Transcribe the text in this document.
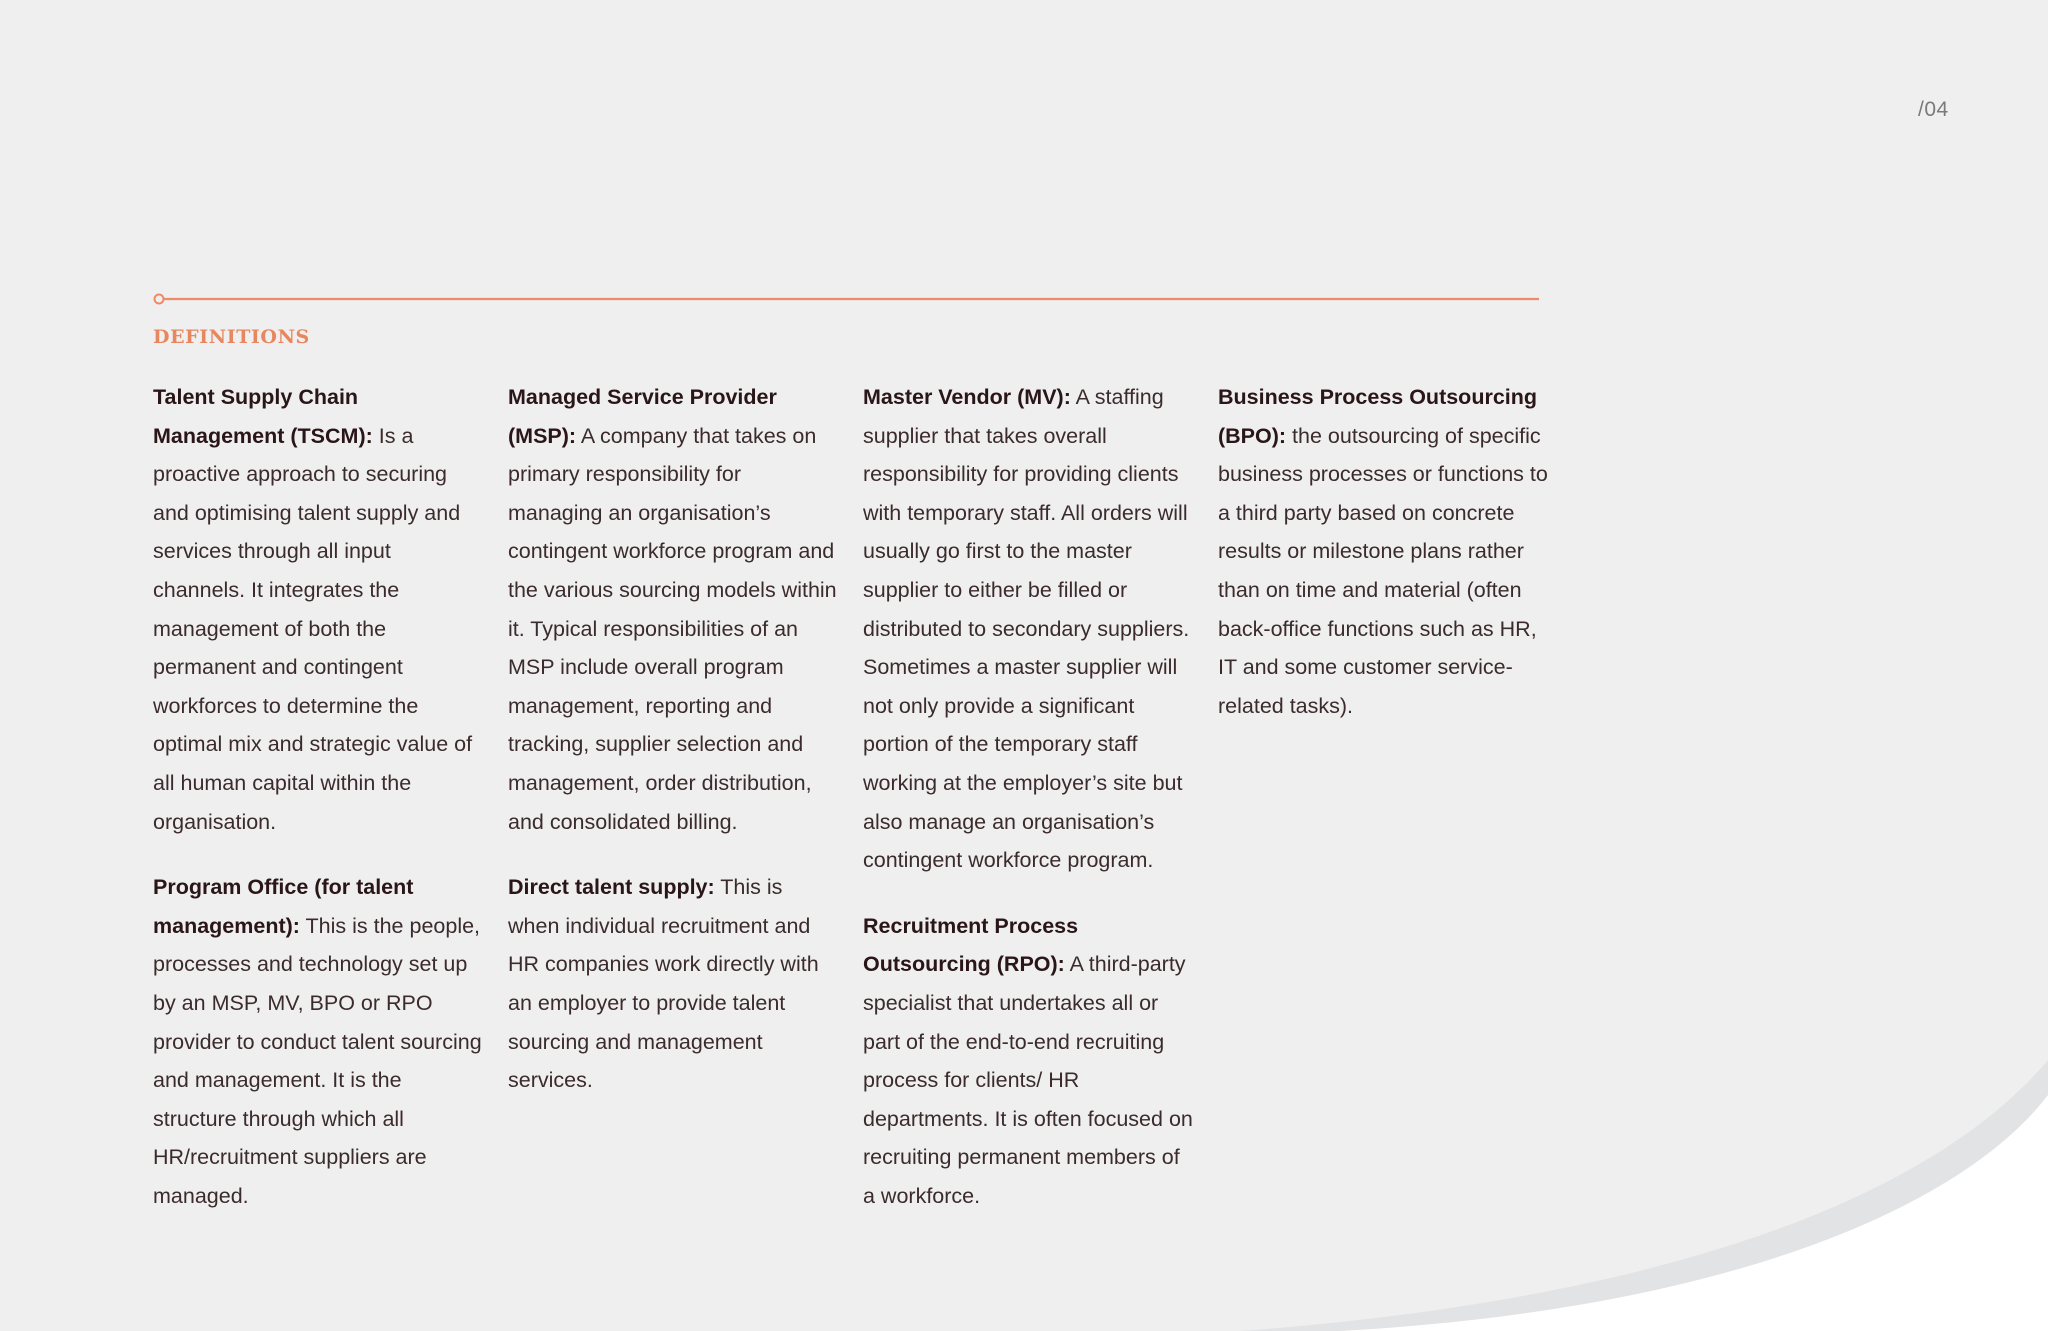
/04
DEFINITIONS

Talent Supply Chain Management (TSCM): Is a proactive approach to securing and optimising talent supply and services through all input channels. It integrates the management of both the permanent and contingent workforces to determine the optimal mix and strategic value of all human capital within the organisation.

Program Office (for talent management): This is the people, processes and technology set up by an MSP, MV, BPO or RPO provider to conduct talent sourcing and management. It is the structure through which all HR/recruitment suppliers are managed.

Managed Service Provider (MSP): A company that takes on primary responsibility for managing an organisation’s contingent workforce program and the various sourcing models within it. Typical responsibilities of an MSP include overall program management, reporting and tracking, supplier selection and management, order distribution, and consolidated billing.

Direct talent supply: This is when individual recruitment and HR companies work directly with an employer to provide talent sourcing and management services.

Master Vendor (MV): A staffing supplier that takes overall responsibility for providing clients with temporary staff. All orders will usually go first to the master supplier to either be filled or distributed to secondary suppliers. Sometimes a master supplier will not only provide a significant portion of the temporary staff working at the employer’s site but also manage an organisation’s contingent workforce program.

Recruitment Process Outsourcing (RPO): A third-party specialist that undertakes all or part of the end-to-end recruiting process for clients/ HR departments. It is often focused on recruiting permanent members of a workforce.

Business Process Outsourcing (BPO): the outsourcing of specific business processes or functions to a third party based on concrete results or milestone plans rather than on time and material (often back-office functions such as HR, IT and some customer service-related tasks).
